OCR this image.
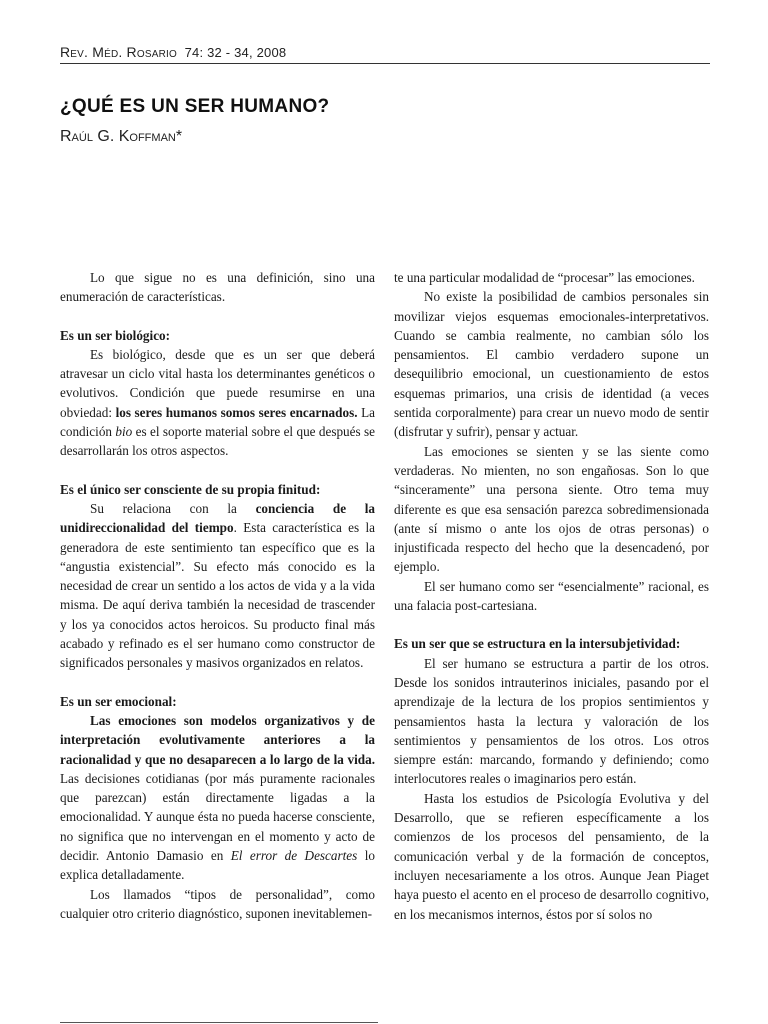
Rev. Méd. Rosario 74: 32 - 34, 2008
¿QUÉ ES UN SER HUMANO?
Raúl G. Koffman*

Lo que sigue no es una definición, sino una enumeración de características.

Es un ser biológico:

Es biológico, desde que es un ser que deberá atravesar un ciclo vital hasta los determinantes genéticos o evolutivos. Condición que puede resumirse en una obviedad: los seres humanos somos seres encarnados. La condición bio es el soporte material sobre el que después se desarrollarán los otros aspectos.

Es el único ser consciente de su propia finitud:

Su relaciona con la conciencia de la unidireccionalidad del tiempo. Esta característica es la generadora de este sentimiento tan específico que es la “angustia existencial”. Su efecto más conocido es la necesidad de crear un sentido a los actos de vida y a la vida misma. De aquí deriva también la necesidad de trascender y los ya conocidos actos heroicos. Su producto final más acabado y refinado es el ser humano como constructor de significados personales y masivos organizados en relatos.

Es un ser emocional:

Las emociones son modelos organizativos y de interpretación evolutivamente anteriores a la racionalidad y que no desaparecen a lo largo de la vida. Las decisiones cotidianas (por más puramente racionales que parezcan) están directamente ligadas a la emocionalidad. Y aunque ésta no pueda hacerse consciente, no significa que no intervengan en el momento y acto de decidir. Antonio Damasio en El error de Descartes lo explica detalladamente.

Los llamados “tipos de personalidad”, como cualquier otro criterio diagnóstico, suponen inevitablemen-

te una particular modalidad de “procesar” las emociones.

No existe la posibilidad de cambios personales sin movilizar viejos esquemas emocionales-interpretativos. Cuando se cambia realmente, no cambian sólo los pensamientos. El cambio verdadero supone un desequilibrio emocional, un cuestionamiento de estos esquemas primarios, una crisis de identidad (a veces sentida corporalmente) para crear un nuevo modo de sentir (disfrutar y sufrir), pensar y actuar.

Las emociones se sienten y se las siente como verdaderas. No mienten, no son engañosas. Son lo que “sinceramente” una persona siente. Otro tema muy diferente es que esa sensación parezca sobredimensionada (ante sí mismo o ante los ojos de otras personas) o injustificada respecto del hecho que la desencadenó, por ejemplo.

El ser humano como ser “esencialmente” racional, es una falacia post-cartesiana.

Es un ser que se estructura en la intersubjetividad:

El ser humano se estructura a partir de los otros. Desde los sonidos intrauterinos iniciales, pasando por el aprendizaje de la lectura de los propios sentimientos y pensamientos hasta la lectura y valoración de los sentimientos y pensamientos de los otros. Los otros siempre están: marcando, formando y definiendo; como interlocutores reales o imaginarios pero están.

Hasta los estudios de Psicología Evolutiva y del Desarrollo, que se refieren específicamente a los comienzos de los procesos del pensamiento, de la comunicación verbal y de la formación de conceptos, incluyen necesariamente a los otros. Aunque Jean Piaget haya puesto el acento en el proceso de desarrollo cognitivo, en los mecanismos internos, éstos por sí solos no
